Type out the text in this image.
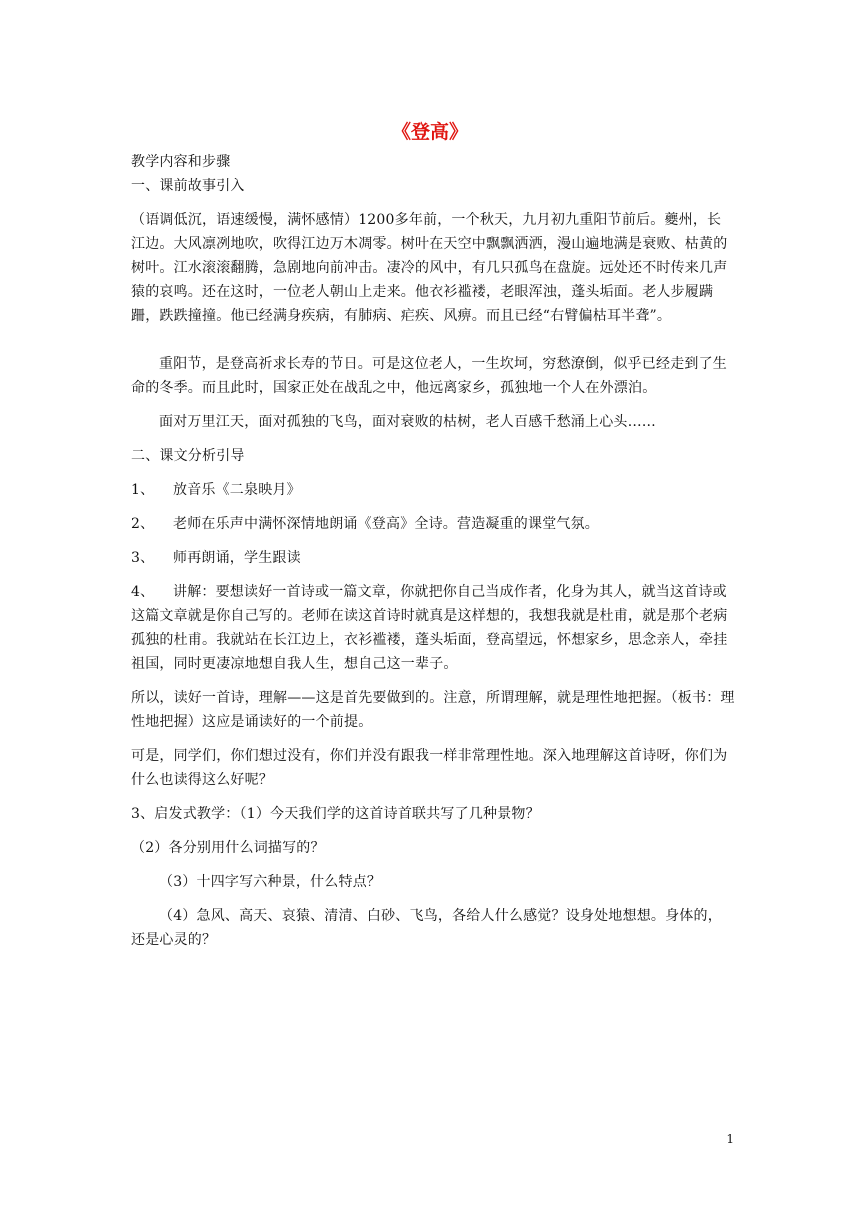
《登高》

教学内容和步骤

一、课前故事引入

（语调低沉，语速缓慢，满怀感情）1200多年前，一个秋天，九月初九重阳节前后。夔州，长江边。大风凛冽地吹，吹得江边万木凋零。树叶在天空中飘飘洒洒，漫山遍地满是衰败、枯黄的树叶。江水滚滚翻腾，急剧地向前冲击。凄冷的风中，有几只孤鸟在盘旋。远处还不时传来几声猿的哀鸣。还在这时，一位老人朝山上走来。他衣衫褴褛，老眼浑浊，蓬头垢面。老人步履蹒跚，跌跌撞撞。他已经满身疾病，有肺病、疟疾、风痹。而且已经“右臂偏枯耳半聋”。

重阳节，是登高祈求长寿的节日。可是这位老人，一生坎坷，穷愁潦倒，似乎已经走到了生命的冬季。而且此时，国家正处在战乱之中，他远离家乡，孤独地一个人在外漂泊。

面对万里江天，面对孤独的飞鸟，面对衰败的枯树，老人百感千愁涌上心头……

二、课文分析引导

1、 放音乐《二泉映月》

2、 老师在乐声中满怀深情地朗诵《登高》全诗。营造凝重的课堂气氛。

3、 师再朗诵，学生跟读

4、 讲解：要想读好一首诗或一篇文章，你就把你自己当成作者，化身为其人，就当这首诗或这篇文章就是你自己写的。老师在读这首诗时就真是这样想的，我想我就是杜甫，就是那个老病孤独的杜甫。我就站在长江边上，衣衫褴褛，蓬头垢面，登高望远，怀想家乡，思念亲人，牵挂祖国，同时更凄凉地想自我人生，想自己这一辈子。

所以，读好一首诗，理解——这是首先要做到的。注意，所谓理解，就是理性地把握。（板书：理性地把握）这应是诵读好的一个前提。

可是，同学们，你们想过没有，你们并没有跟我一样非常理性地。深入地理解这首诗呀，你们为什么也读得这么好呢？

3、启发式教学：（1）今天我们学的这首诗首联共写了几种景物？

（2）各分别用什么词描写的？

（3）十四字写六种景，什么特点？

（4）急风、高天、哀猿、清清、白砂、飞鸟，各给人什么感觉？设身处地想想。身体的，还是心灵的？

1
